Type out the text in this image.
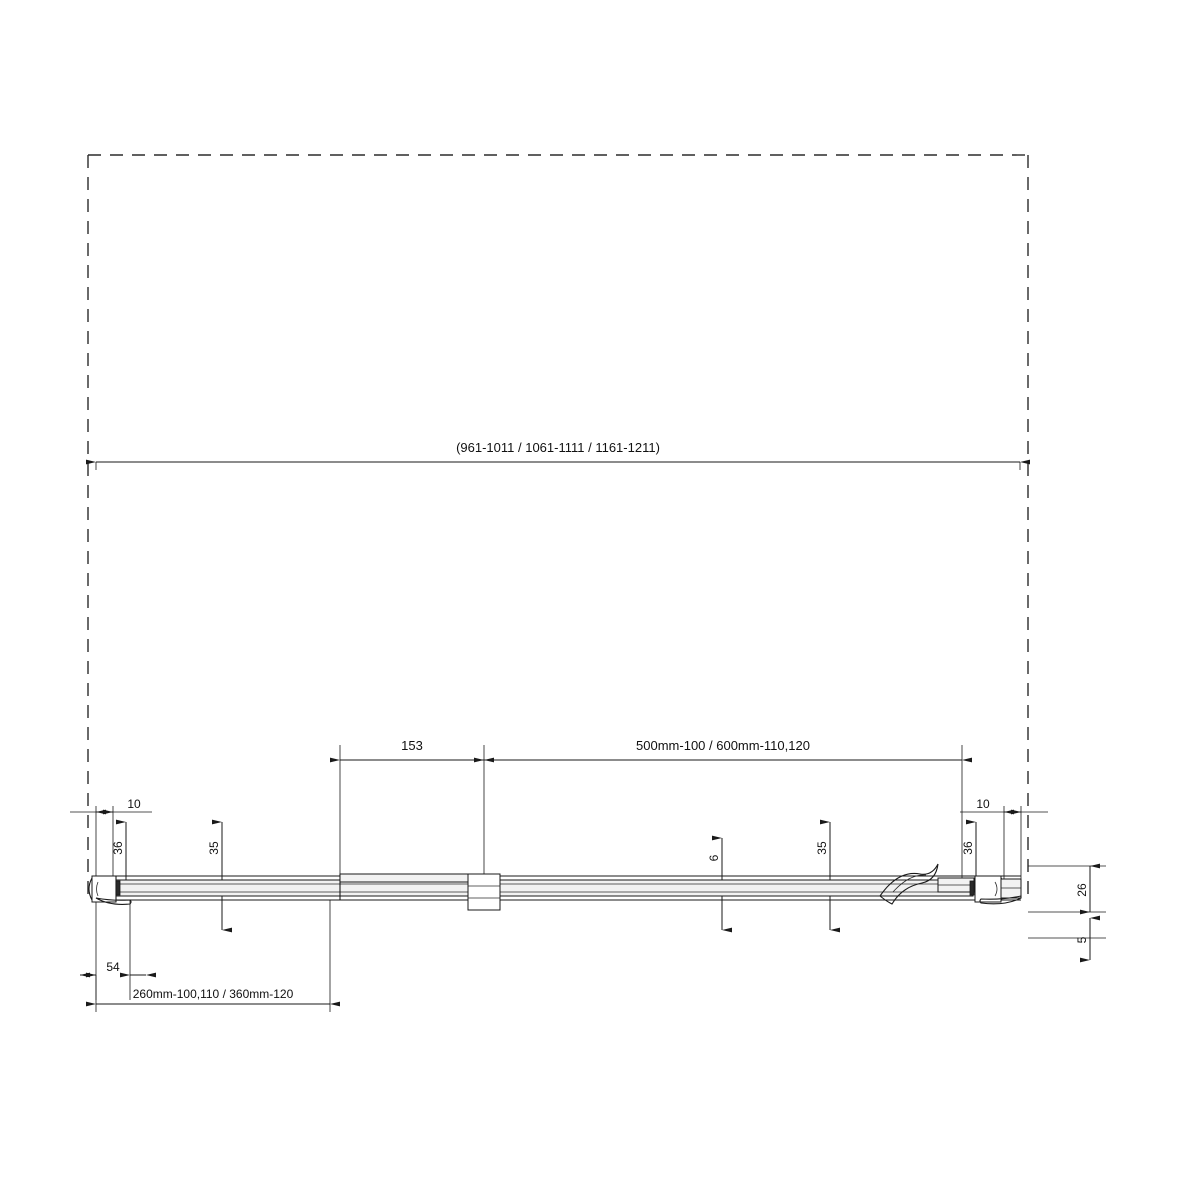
(961-1011 / 1061-1111 / 1161-1211)
153	500mm-100 / 600mm-110,120
10
36	35
6
35
10
36
26
5
54
260mm-100,110 / 360mm-120
